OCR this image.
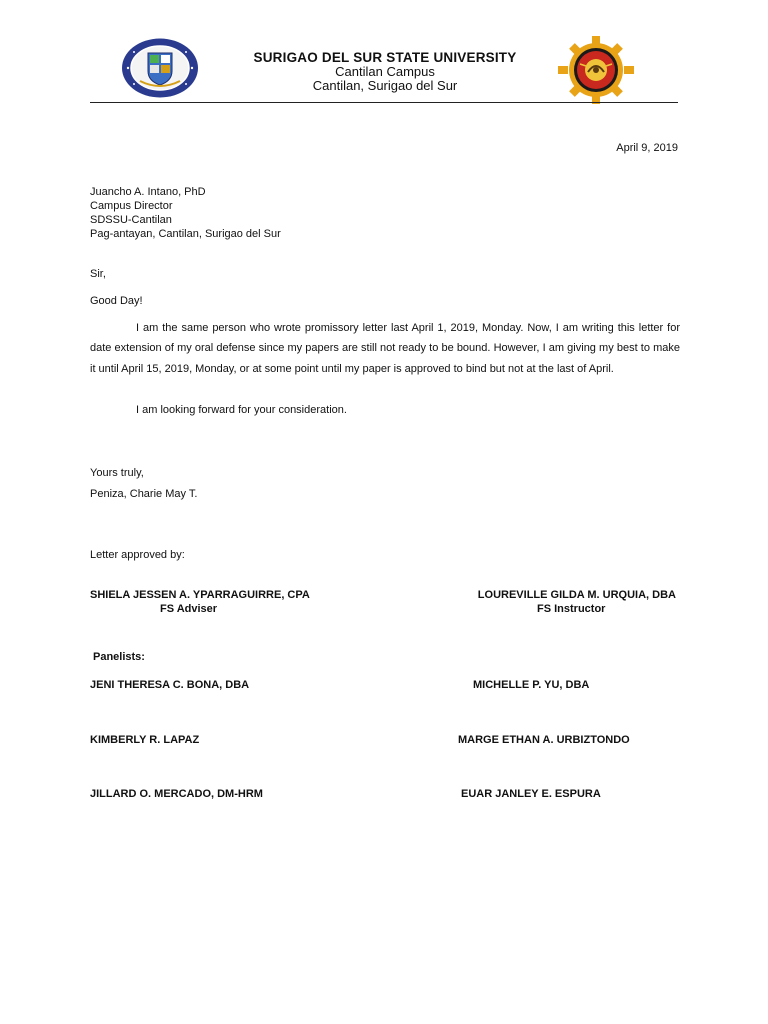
SURIGAO DEL SUR STATE UNIVERSITY
Cantilan Campus
Cantilan, Surigao del Sur
April 9, 2019
Juancho A. Intano, PhD
Campus Director
SDSSU-Cantilan
Pag-antayan, Cantilan, Surigao del Sur
Sir,
Good Day!
I am the same person who wrote promissory letter last April 1, 2019, Monday. Now, I am writing this letter for date extension of my oral defense since my papers are still not ready to be bound. However, I am giving my best to make it until April 15, 2019, Monday, or at some point until my paper is approved to bind but not at the last of April.
I am looking forward for your consideration.
Yours truly,
Peniza, Charie May T.
Letter approved by:
SHIELA JESSEN A. YPARRAGUIRRE, CPA
FS Adviser
LOUREVILLE GILDA M. URQUIA, DBA
FS Instructor
Panelists:
JENI THERESA C. BONA, DBA	MICHELLE P. YU, DBA
KIMBERLY R. LAPAZ	MARGE ETHAN A. URBIZTONDO
JILLARD O. MERCADO, DM-HRM	EUAR JANLEY E. ESPURA
